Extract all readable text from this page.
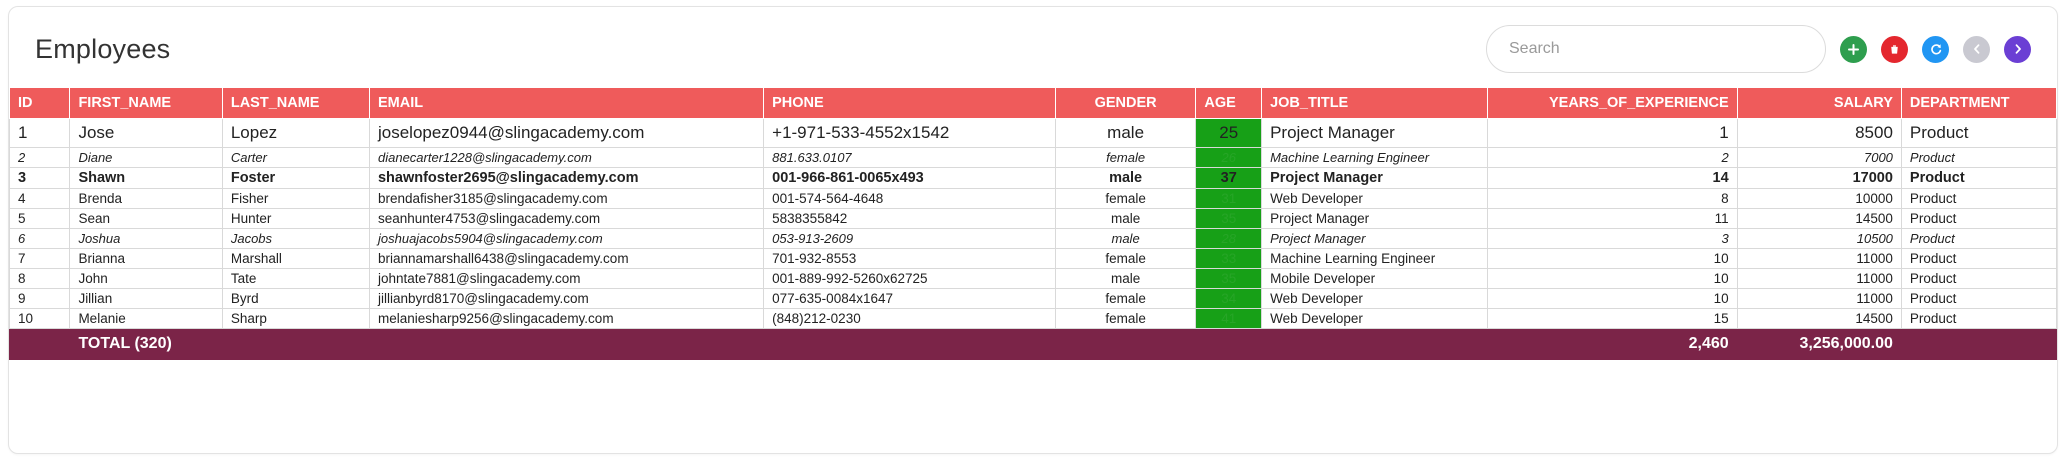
Employees
Search
ID	FIRST_NAME	LAST_NAME	EMAIL	PHONE	GENDER	AGE	JOB_TITLE	YEARS_OF_EXPERIENCE	SALARY	DEPARTMENT
1	Jose	Lopez	joselopez0944@slingacademy.com	+1-971-533-4552x1542	male	25	Project Manager	1	8500	Product
2	Diane	Carter	dianecarter1228@slingacademy.com	881.633.0107	female	26	Machine Learning Engineer	2	7000	Product
3	Shawn	Foster	shawnfoster2695@slingacademy.com	001-966-861-0065x493	male	37	Project Manager	14	17000	Product
4	Brenda	Fisher	brendafisher3185@slingacademy.com	001-574-564-4648	female	31	Web Developer	8	10000	Product
5	Sean	Hunter	seanhunter4753@slingacademy.com	5838355842	male	35	Project Manager	11	14500	Product
6	Joshua	Jacobs	joshuajacobs5904@slingacademy.com	053-913-2609	male	28	Project Manager	3	10500	Product
7	Brianna	Marshall	briannamarshall6438@slingacademy.com	701-932-8553	female	33	Machine Learning Engineer	10	11000	Product
8	John	Tate	johntate7881@slingacademy.com	001-889-992-5260x62725	male	35	Mobile Developer	10	11000	Product
9	Jillian	Byrd	jillianbyrd8170@slingacademy.com	077-635-0084x1647	female	34	Web Developer	10	11000	Product
10	Melanie	Sharp	melaniesharp9256@slingacademy.com	(848)212-0230	female	41	Web Developer	15	14500	Product
	TOTAL (320)							2,460	3,256,000.00	
